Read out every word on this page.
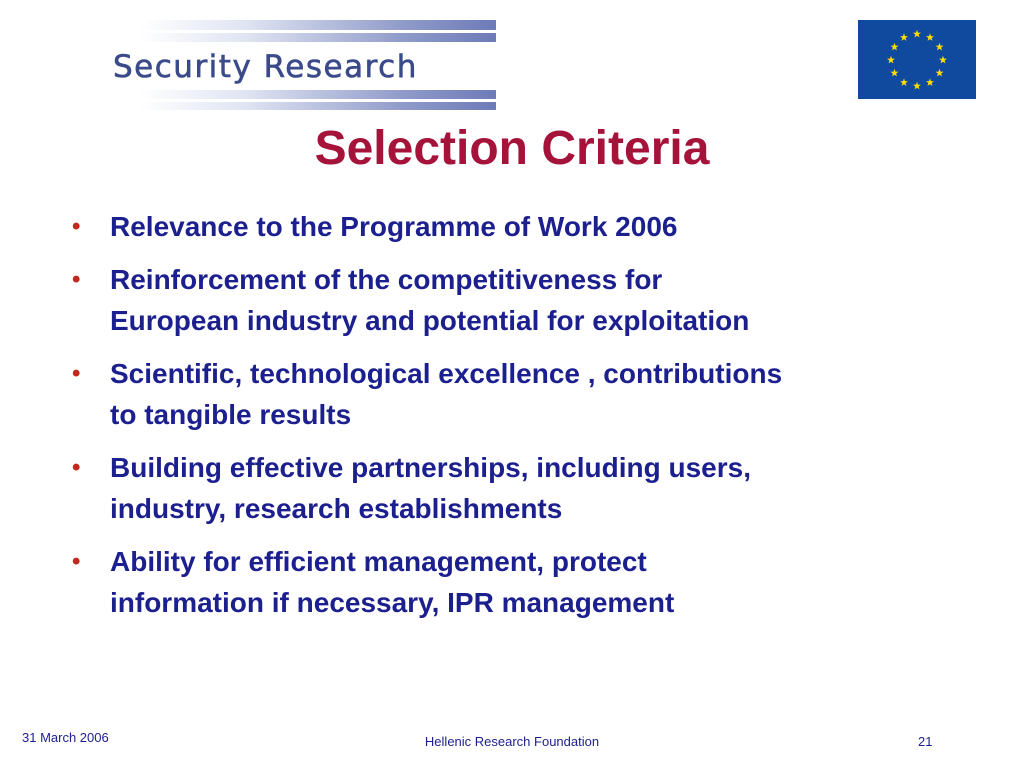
Security Research
Selection Criteria
• Relevance to the Programme of Work 2006
• Reinforcement of the competitiveness for
European industry and potential for exploitation
• Scientific, technological excellence , contributions
to tangible results
• Building effective partnerships, including users,
industry, research establishments
• Ability for efficient management, protect
information if necessary, IPR management
31 March 2006	Hellenic Research Foundation	21
